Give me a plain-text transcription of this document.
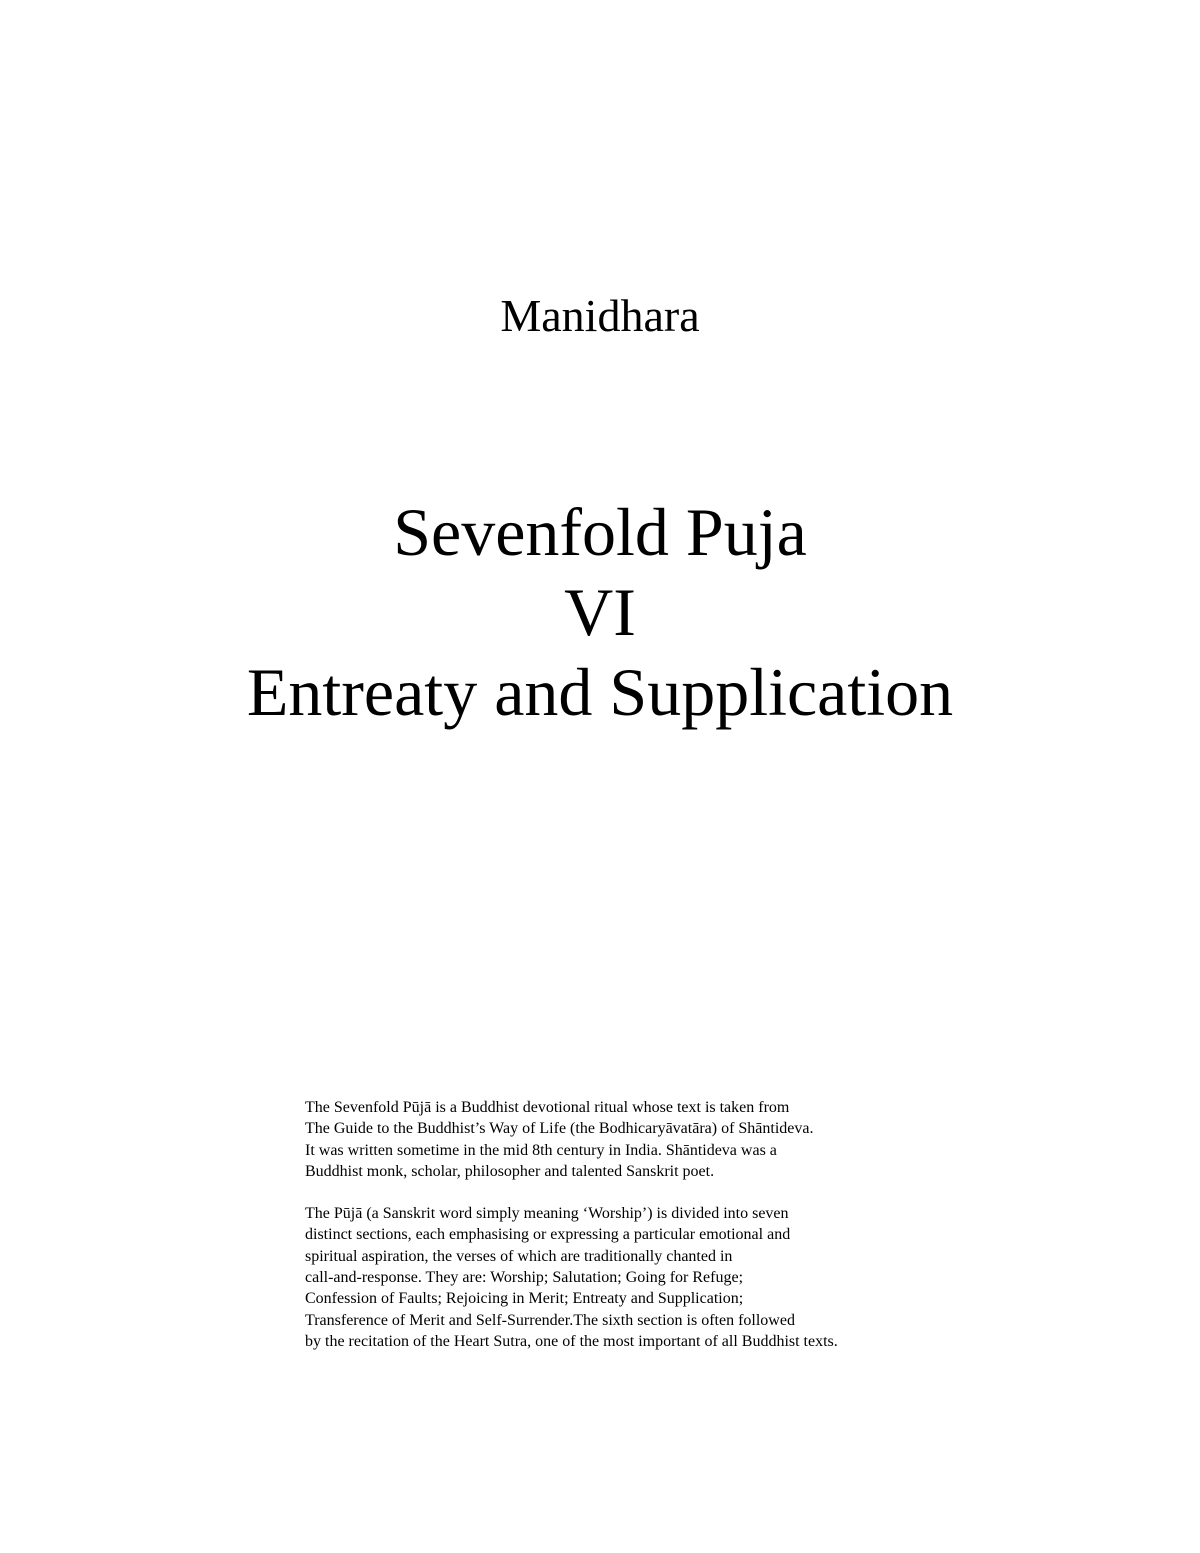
Manidhara
Sevenfold Puja
VI
Entreaty and Supplication

The Sevenfold Pūjā is a Buddhist devotional ritual whose text is taken from
The Guide to the Buddhist’s Way of Life (the Bodhicaryāvatāra) of Shāntideva.
It was written sometime in the mid 8th century in India. Shāntideva was a
Buddhist monk, scholar, philosopher and talented Sanskrit poet.

The Pūjā (a Sanskrit word simply meaning ‘Worship’) is divided into seven
distinct sections, each emphasising or expressing a particular emotional and
spiritual aspiration, the verses of which are traditionally chanted in
call-and-response. They are: Worship; Salutation; Going for Refuge;
Confession of Faults; Rejoicing in Merit; Entreaty and Supplication;
Transference of Merit and Self-Surrender.The sixth section is often followed
by the recitation of the Heart Sutra, one of the most important of all Buddhist texts.
